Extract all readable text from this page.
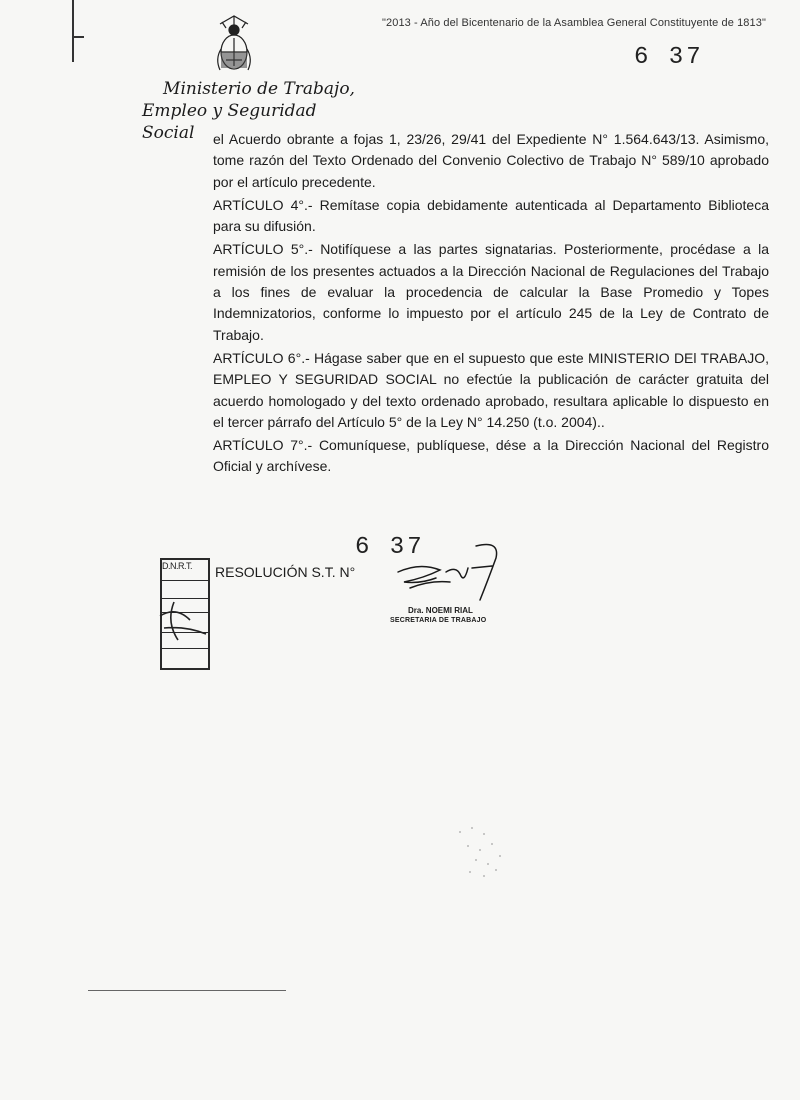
Ministerio de Trabajo,
Empleo y Seguridad Social
"2013 - Año del Bicentenario de la Asamblea General Constituyente de 1813"
6 37

el Acuerdo obrante a fojas 1, 23/26, 29/41 del Expediente N° 1.564.643/13. Asimismo, tome razón del Texto Ordenado del Convenio Colectivo de Trabajo N° 589/10 aprobado por el artículo precedente.

ARTÍCULO 4°.- Remítase copia debidamente autenticada al Departamento Biblioteca para su difusión.

ARTÍCULO 5°.- Notifíquese a las partes signatarias. Posteriormente, procédase a la remisión de los presentes actuados a la Dirección Nacional de Regulaciones del Trabajo a los fines de evaluar la procedencia de calcular la Base Promedio y Topes Indemnizatorios, conforme lo impuesto por el artículo 245 de la Ley de Contrato de Trabajo.

ARTÍCULO 6°.- Hágase saber que en el supuesto que este MINISTERIO DEl TRABAJO, EMPLEO Y SEGURIDAD SOCIAL no efectúe la publicación de carácter gratuita del acuerdo homologado y del texto ordenado aprobado, resultara aplicable lo dispuesto en el tercer párrafo del Artículo 5° de la Ley N° 14.250 (t.o. 2004)..

ARTÍCULO 7°.- Comuníquese, publíquese, dése a la Dirección Nacional del Registro Oficial y archívese.

D.N.R.T. RESOLUCIÓN S.T. N°
6 37
Dra. NOEMI RIAL
SECRETARIA DE TRABAJO
